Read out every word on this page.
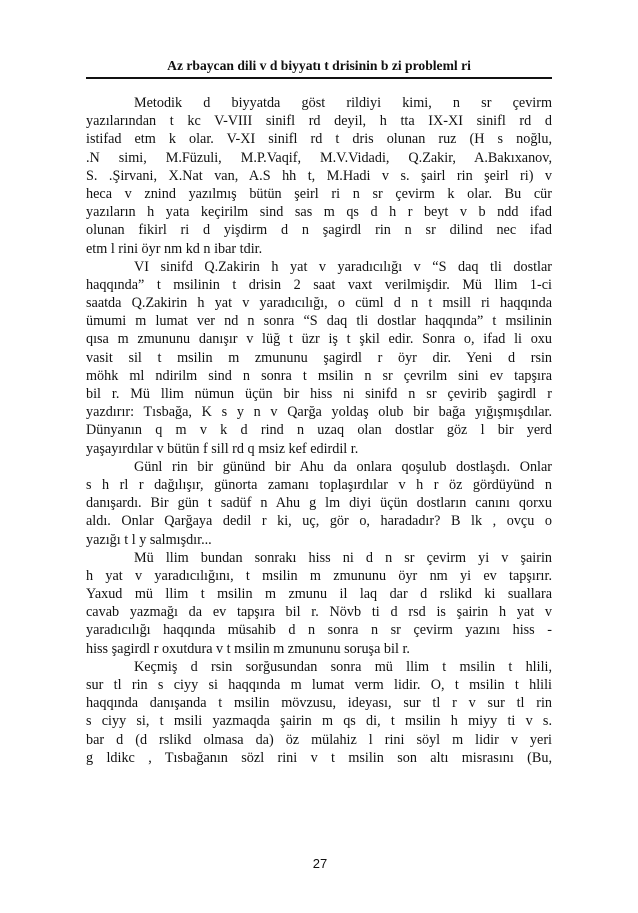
Az rbaycan dili v d biyyatı t drisinin b zi probleml ri
Metodik d biyyatda göst rildiyi kimi, n sr çevirm
yazılarından t kc V-VIII sinifl rd deyil, h tta IX-XI sinifl rd d
istifad etm k olar. V-XI sinifl rd t dris olunan ruz (H s noğlu,
.N simi, M.Füzuli, M.P.Vaqif, M.V.Vidadi, Q.Zakir, A.Bakıxanov,
S. .Şirvani, X.Nat van, A.S hh t, M.Hadi v s. şairl rin şeirl ri) v
heca v znind yazılmış bütün şeirl ri n sr çevirm k olar. Bu cür
yazıların h yata keçirilm sind sas m qs d h r beyt v b ndd ifad
olunan fikirl ri d yişdirm d n şagirdl rin n sr dilind nec ifad
etm l rini öyr nm kd n ibar tdir.
VI sinifd Q.Zakirin h yat v yaradıcılığı v “S daq tli dostlar
haqqında” t msilinin t drisin 2 saat vaxt verilmişdir. Mü llim 1-ci
saatda Q.Zakirin h yat v yaradıcılığı, o cüml d n t msill ri haqqında
ümumi m lumat ver nd n sonra “S daq tli dostlar haqqında” t msilinin
qısa m zmununu danışır v lüğ t üzr iş t şkil edir. Sonra o, ifad li oxu
vasit sil t msilin m zmununu şagirdl r öyr dir. Yeni d rsin
möhk ml ndirilm sind n sonra t msilin n sr çevrilm sini ev tapşıra
bil r. Mü llim nümun üçün bir hiss ni sinifd n sr çevirib şagirdl r
yazdırır: Tısbağa, K s y n v Qarğa yoldaş olub bir bağa yığışmışdılar.
Dünyanın q m v k d rind n uzaq olan dostlar göz l bir yerd
yaşayırdılar v bütün f sill rd q msiz kef edirdil r.
Günl rin bir gününd bir Ahu da onlara qoşulub dostlaşdı. Onlar
s h rl r dağılışır, günorta zamanı toplaşırdılar v h r öz gördüyünd n
danışardı. Bir gün t sadüf n Ahu g lm diyi üçün dostların canını qorxu
aldı. Onlar Qarğaya dedil r ki, uç, gör o, haradadır? B lk , ovçu o
yazığı t l y salmışdır...
Mü llim bundan sonrakı hiss ni d n sr çevirm yi v şairin
h yat v yaradıcılığını, t msilin m zmununu öyr nm yi ev tapşırır.
Yaxud mü llim t msilin m zmunu il laq dar d rslikd ki suallara
cavab yazmağı da ev tapşıra bil r. Növb ti d rsd is şairin h yat v
yaradıcılığı haqqında müsahib d n sonra n sr çevirm yazını hiss -
hiss şagirdl r oxutdura v t msilin m zmununu soruşa bil r.
Keçmiş d rsin sorğusundan sonra mü llim t msilin t hlili,
sur tl rin s ciyy si haqqında m lumat verm lidir. O, t msilin t hlili
haqqında danışanda t msilin mövzusu, ideyası, sur tl r v sur tl rin
s ciyy si, t msili yazmaqda şairin m qs di, t msilin h miyy ti v s.
bar d (d rslikd olmasa da) öz mülahiz l rini söyl m lidir v yeri
g ldikc , Tısbağanın sözl rini v t msilin son altı misrasını (Bu,
27
